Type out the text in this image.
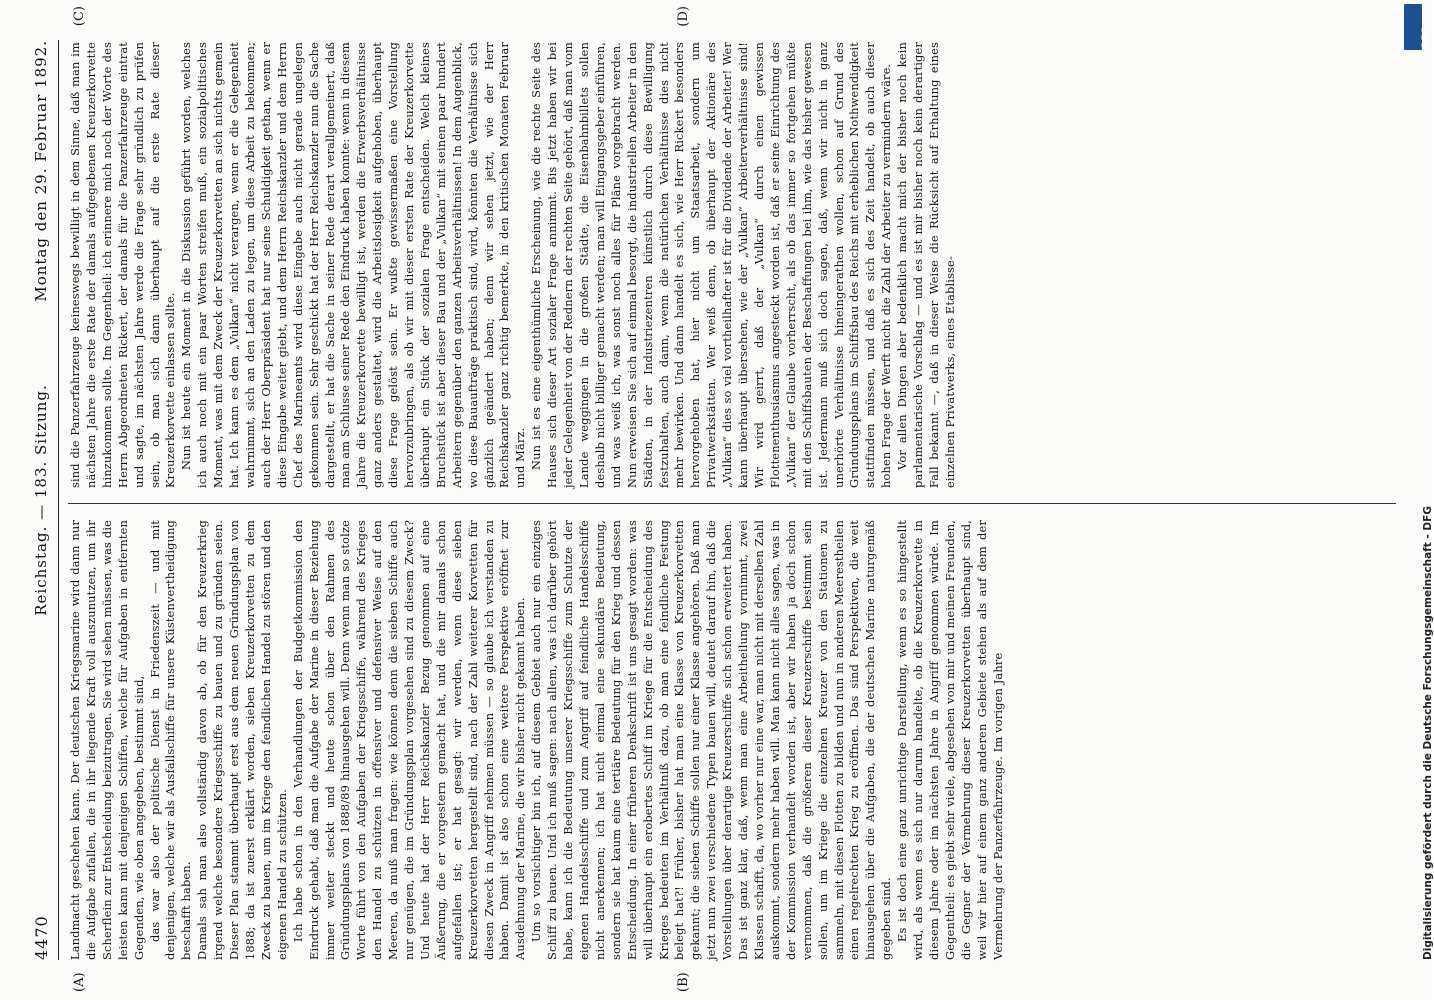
4470
Reichstag. — 183. Sitzung.
Montag den 29. Februar 1892.
(A)	(B)
(C)	(D)

Landmacht geschehen kann. Der deutschen Kriegsmarine wird dann nur die Aufgabe zufallen, die in ihr liegende Kraft voll auszunutzen, um ihr Scherflein zur Entscheidung beizutragen. Sie wird sehen müssen, was die leisten kann mit denjenigen Schiffen, welche für Aufgaben in entfernten Gegenden, wie oben angegeben, bestimmt sind, das war also der politische Dienst in Friedenszeit — und mit denjenigen, welche wir als Ausfallschiffe für unsere Küstenvertheidigung beschafft haben. Damals sah man also vollständig davon ab, ob für den Kreuzerkrieg irgend welche besondere Kriegsschiffe zu bauen und zu gründen seien. Dieser Plan stammt überhaupt erst aus dem neuen Gründungsplan von 1888; da ist zuerst erklärt worden, sieben Kreuzerkorvetten zu dem Zweck zu bauen, um im Kriege den feindlichen Handel zu stören und den eigenen Handel zu schützen. Ich habe schon in den Verhandlungen der Budgetkommission den Eindruck gehabt, daß man die Aufgabe der Marine in dieser Beziehung immer weiter steckt und heute schon über den Rahmen des Gründungsplans von 1888/89 hinausgehen will. Denn wenn man so stolze Worte führt von den Aufgaben der Kriegsschiffe, während des Krieges den Handel zu schützen in offensiver und defensiver Weise auf den Meeren, da muß man fragen: wie können denn die sieben Schiffe auch nur genügen, die im Gründungsplan vorgesehen sind zu diesem Zweck? Und heute hat der Herr Reichskanzler Bezug genommen auf eine Äußerung, die er vorgestern gemacht hat, und die mir damals schon aufgefallen ist; er hat gesagt: wir werden, wenn diese sieben Kreuzerkorvetten hergestellt sind, nach der Zahl weiterer Korvetten für diesen Zweck in Angriff nehmen müssen — so glaube ich verstanden zu haben. Damit ist also schon eine weitere Perspektive eröffnet zur Ausdehnung der Marine, die wir bisher nicht gekannt haben. Um so vorsichtiger bin ich, auf diesem Gebiet auch nur ein einziges Schiff zu bauen. Und ich muß sagen: nach allem, was ich darüber gehört habe, kann ich die Bedeutung unserer Kriegsschiffe zum Schutze der eigenen Handelsschiffe und zum Angriff auf feindliche Handelsschiffe nicht anerkennen; ich hat nicht einmal eine sekundäre Bedeutung, sondern sie hat kaum eine tertiäre Bedeutung für den Krieg und dessen Entscheidung. In einer früheren Denkschrift ist uns gesagt worden: was will überhaupt ein erobertes Schiff im Kriege für die Entscheidung des Krieges bedeuten im Verhältniß dazu, ob man eine feindliche Festung belegt hat?! Früher, bisher hat man eine Klasse von Kreuzerkorvetten gekannt; die sieben Schiffe sollen nur einer Klasse angehören. Daß man jetzt nun zwei verschiedene Typen bauen will, deutet darauf hin, daß die Vorstellungen über derartige Kreuzerschiffe sich schon erweitert haben. Das ist ganz klar, daß, wenn man eine Arbeitheilung vornimmt, zwei Klassen schafft, da, wo vorher nur eine war, man nicht mit derselben Zahl auskommt, sondern mehr haben will. Man kann nicht alles sagen, was in der Kommission verhandelt worden ist, aber wir haben ja doch schon vernommen, daß die größeren dieser Kreuzerschiffe bestimmt sein sollen, um im Kriege die einzelnen Kreuzer von den Stationen zu sammeln, mit diesen Flotten zu bilden und nun in anderen Meerestheilen einen regelrechten Krieg zu eröffnen. Das sind Perspektiven, die weit hinausgehen über die Aufgaben, die der deutschen Marine naturgemäß gegeben sind. Es ist doch eine ganz unrichtige Darstellung, wenn es so hingestellt wird, als wenn es sich nur darum handelte, ob die Kreuzerkorvette in diesem Jahre oder im nächsten Jahre in Angriff genommen würde. Im Gegentheil: es giebt sehr viele, abgesehen von mir und meinen Freunden, die Gegner der Vermehrung dieser Kreuzerkorvetten überhaupt sind, weil wir hier auf einem ganz anderen Gebiete stehen als auf dem der Vermehrung der Panzerfahrzeuge. Im vorigen Jahre

sind die Panzerfahrzeuge keineswegs bewilligt in dem Sinne, daß man im nächsten Jahre die erste Rate der damals aufgegebenen Kreuzerkorvette hinzukommen sollte. Im Gegentheil: ich erinnere mich noch der Worte des Herrn Abgeordneten Rickert, der damals für die Panzerfahrzeuge eintrat und sagte, im nächsten Jahre werde die Frage sehr gründlich zu prüfen sein, ob man sich dann überhaupt auf die erste Rate dieser Kreuzerkorvette einlassen sollte. Nun ist heute ein Moment in die Diskussion geführt worden, welches ich auch noch mit ein paar Worten streifen muß, ein sozialpolitisches Moment, was mit dem Zweck der Kreuzerkorvetten an sich nichts gemein hat. Ich kann es dem „Vulkan“ nicht verargen, wenn er die Gelegenheit wahrnimmt, sich an den Laden zu legen, um diese Arbeit zu bekommen; auch der Herr Oberpräsident hat nur seine Schuldigkeit gethan, wenn er diese Eingabe weiter giebt, und dem Herrn Reichskanzler und dem Herrn Chef des Marineamts wird diese Eingabe auch nicht gerade ungelegen gekommen sein. Sehr geschickt hat der Herr Reichskanzler nun die Sache dargestellt, er hat die Sache in seiner Rede derart verallgemeinert, daß man am Schlusse seiner Rede den Eindruck haben konnte: wenn in diesem Jahre die Kreuzerkorvette bewilligt ist, werden die Erwerbsverhältnisse ganz anders gestaltet, wird die Arbeitslosigkeit aufgehoben, überhaupt diese Frage gelöst sein. Er wußte gewissermaßen eine Vorstellung hervorzubringen, als ob wir mit dieser ersten Rate der Kreuzerkorvette überhaupt ein Stück der sozialen Frage entscheiden. Welch kleines Bruchstück ist aber dieser Bau und der „Vulkan“ mit seinen paar hundert Arbeitern gegenüber den ganzen Arbeitsverhältnissen! In dem Augenblick, wo diese Bauaufträge praktisch sind, wird, könnten die Verhältnisse sich gänzlich geändert haben; denn wir sehen jetzt, wie der Herr Reichskanzler ganz richtig bemerkte, in den kritischen Monaten Februar und März. Nun ist es eine eigenthümliche Erscheinung, wie die rechte Seite des Hauses sich dieser Art sozialer Frage annimmt. Bis jetzt haben wir bei jeder Gelegenheit von der Rednern der rechten Seite gehört, daß man vom Lande weggingen in die großen Städte, die Eisenbahnbillets sollen deshalb nicht billiger gemacht werden; man will Eingangsgeber einführen, und was weiß ich, was sonst noch alles für Pläne vorgebracht werden. Nun erweisen Sie sich auf einmal besorgt, die industriellen Arbeiter in den Städten, in der Industriezentren künstlich durch diese Bewilligung festzuhalten, auch dann, wenn die natürlichen Verhältnisse dies nicht mehr bewirken. Und dann handelt es sich, wie Herr Rickert besonders hervorgehoben hat, hier nicht um Staatsarbeit, sondern um Privatwerkstätten. Wer weiß denn, ob überhaupt der Aktionäre des „Vulkan“ dies so viel vortheilhafter ist für die Dividende der Arbeiter! Wer kann überhaupt übersehen, wie der „Vulkan“ Arbeiterverhältnisse sind! Wir wird geirrt, daß der „Vulkan“ durch einen gewissen Flottenenthusiasmus angesteckt worden ist, daß er seine Einrichtung des „Vulkan“ der Glaube vorherrscht, als ob das immer so fortgehen müßte mit den Schiffsbauten der Beschaffungen bei ihm, wie das bisher gewesen ist. Jedermann muß sich doch sagen, daß, wenn wir nicht in ganz unerhörte Verhältnisse hineingerathen wollen, schon auf Grund des Gründungsplans im Schiffsbau des Reichs mit erheblichen Nothwendigkeit stattfinden müssen, und daß es sich des Zeit handelt, ob auch dieser hohen Frage der Werft nicht die Zahl der Arbeiter zu vermindern wäre. Vor allen Dingen aber bedenklich macht mich der bisher noch kein parlamentarische Vorschlag — und es ist mir bisher noch kein derartiger Fall bekannt —, daß in dieser Weise die Rücksicht auf Erhaltung eines einzelnen Privatwerks, eines Etablisse-

DFG
Digitalisierung gefördert durch die Deutsche Forschungsgemeinschaft - DFG
